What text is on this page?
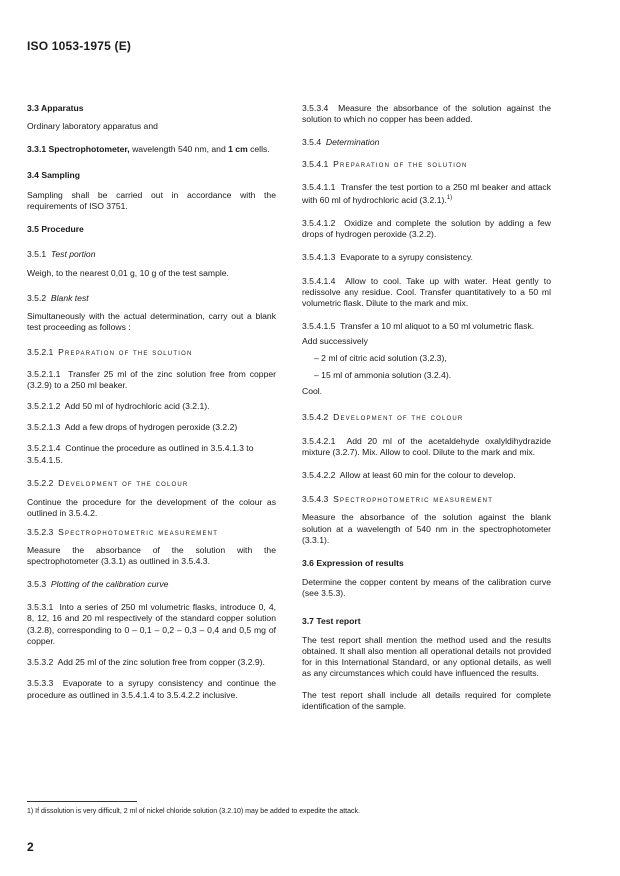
ISO 1053-1975 (E)
3.3 Apparatus
Ordinary laboratory apparatus and
3.3.1 Spectrophotometer, wavelength 540 nm, and 1 cm cells.
3.4 Sampling
Sampling shall be carried out in accordance with the requirements of ISO 3751.
3.5 Procedure
3.5.1 Test portion
Weigh, to the nearest 0,01 g, 10 g of the test sample.
3.5.2 Blank test
Simultaneously with the actual determination, carry out a blank test proceeding as follows :
3.5.2.1 Preparation of the solution
3.5.2.1.1 Transfer 25 ml of the zinc solution free from copper (3.2.9) to a 250 ml beaker.
3.5.2.1.2 Add 50 ml of hydrochloric acid (3.2.1).
3.5.2.1.3 Add a few drops of hydrogen peroxide (3.2.2)
3.5.2.1.4 Continue the procedure as outlined in 3.5.4.1.3 to 3.5.4.1.5.
3.5.2.2 Development of the colour
Continue the procedure for the development of the colour as outlined in 3.5.4.2.
3.5.2.3 Spectrophotometric measurement
Measure the absorbance of the solution with the spectrophotometer (3.3.1) as outlined in 3.5.4.3.
3.5.3 Plotting of the calibration curve
3.5.3.1 Into a series of 250 ml volumetric flasks, introduce 0, 4, 8, 12, 16 and 20 ml respectively of the standard copper solution (3.2.8), corresponding to 0 – 0,1 – 0,2 – 0,3 – 0,4 and 0,5 mg of copper.
3.5.3.2 Add 25 ml of the zinc solution free from copper (3.2.9).
3.5.3.3 Evaporate to a syrupy consistency and continue the procedure as outlined in 3.5.4.1.4 to 3.5.4.2.2 inclusive.
3.5.3.4 Measure the absorbance of the solution against the solution to which no copper has been added.
3.5.4 Determination
3.5.4.1 Preparation of the solution
3.5.4.1.1 Transfer the test portion to a 250 ml beaker and attack with 60 ml of hydrochloric acid (3.2.1).$^{1)}$
3.5.4.1.2 Oxidize and complete the solution by adding a few drops of hydrogen peroxide (3.2.2).
3.5.4.1.3 Evaporate to a syrupy consistency.
3.5.4.1.4 Allow to cool. Take up with water. Heat gently to redissolve any residue. Cool. Transfer quantitatively to a 50 ml volumetric flask. Dilute to the mark and mix.
3.5.4.1.5 Transfer a 10 ml aliquot to a 50 ml volumetric flask.
Add successively
– 2 ml of citric acid solution (3.2.3),
– 15 ml of ammonia solution (3.2.4).
Cool.
3.5.4.2 Development of the colour
3.5.4.2.1 Add 20 ml of the acetaldehyde oxalyldihydrazide mixture (3.2.7). Mix. Allow to cool. Dilute to the mark and mix.
3.5.4.2.2 Allow at least 60 min for the colour to develop.
3.5.4.3 Spectrophotometric measurement
Measure the absorbance of the solution against the blank solution at a wavelength of 540 nm in the spectrophotometer (3.3.1).
3.6 Expression of results
Determine the copper content by means of the calibration curve (see 3.5.3).
3.7 Test report
The test report shall mention the method used and the results obtained. It shall also mention all operational details not provided for in this International Standard, or any optional details, as well as any circumstances which could have influenced the results.
The test report shall include all details required for complete identification of the sample.
1) If dissolution is very difficult, 2 ml of nickel chloride solution (3.2.10) may be added to expedite the attack.
2
